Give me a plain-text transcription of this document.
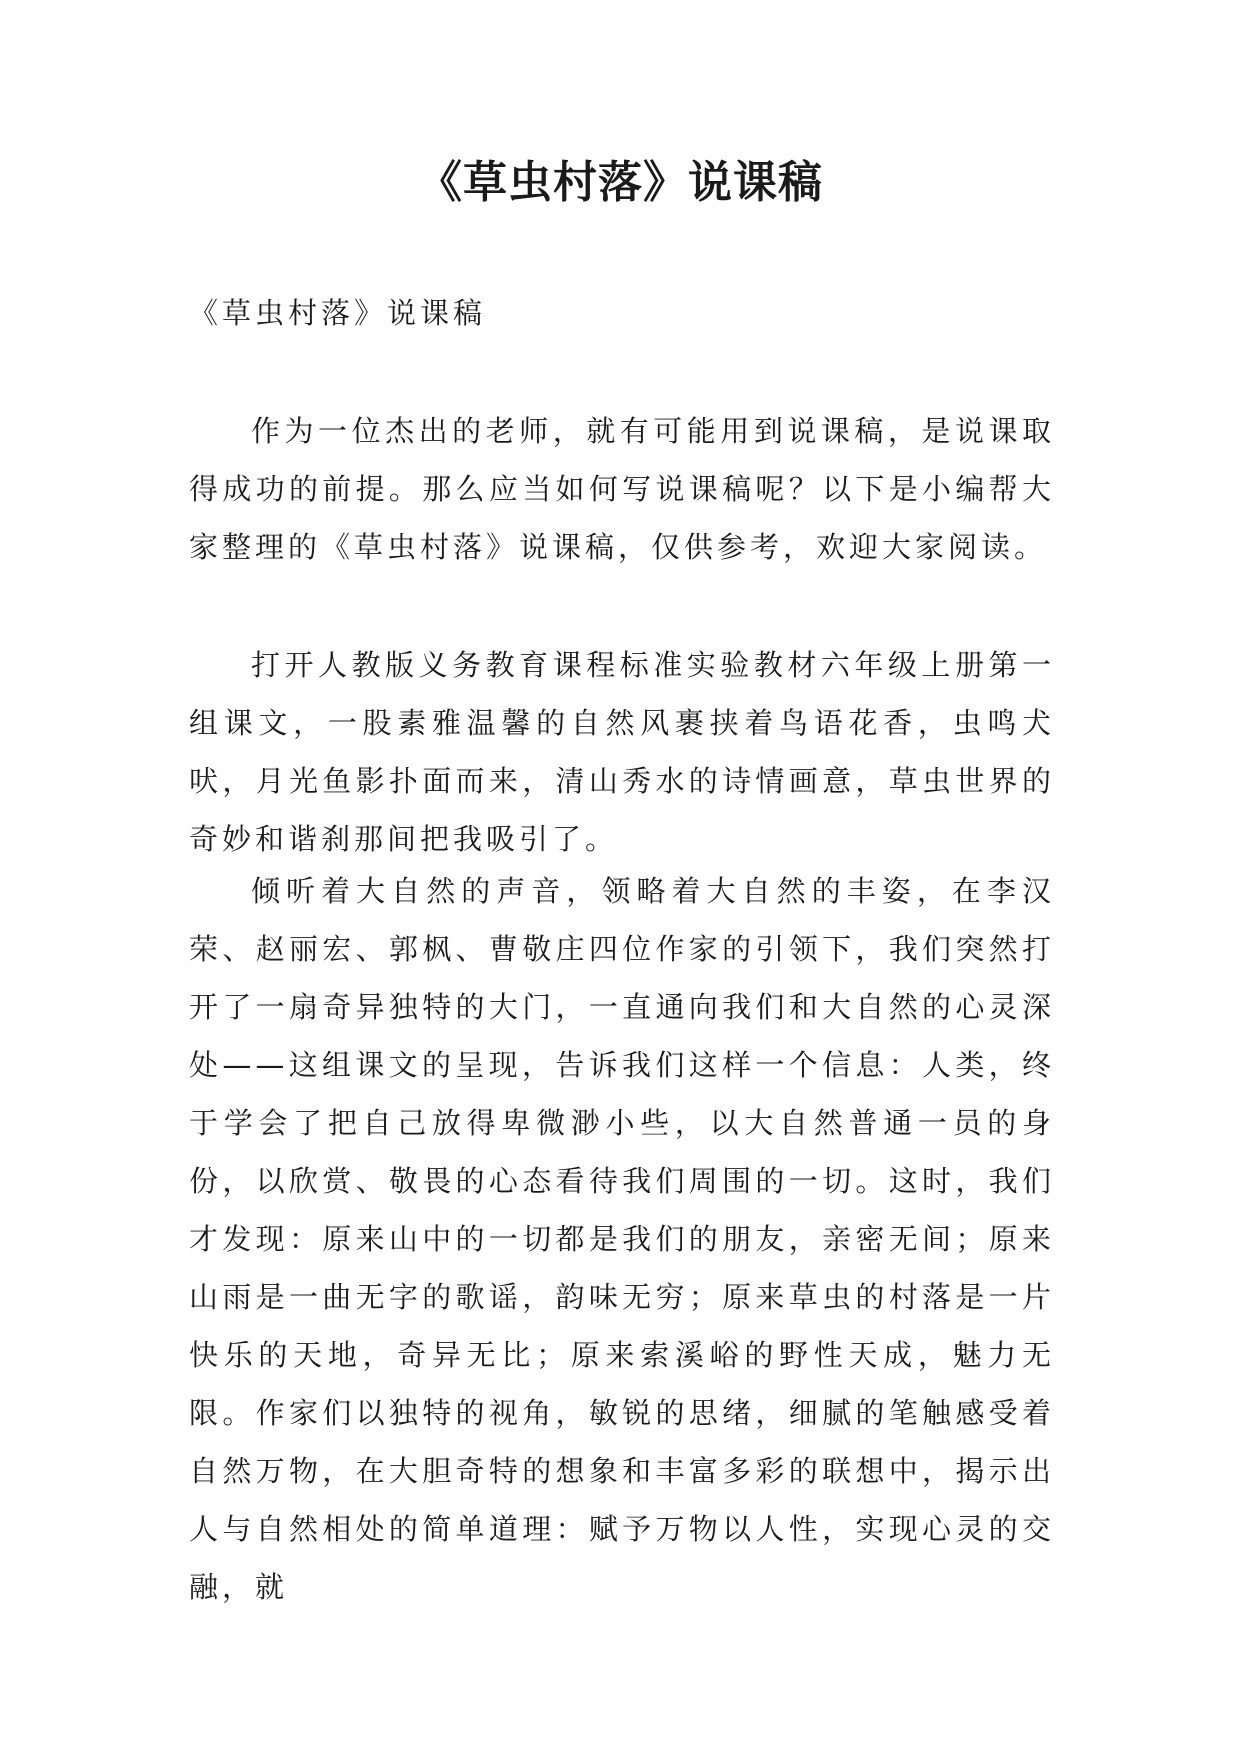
《草虫村落》说课稿

《草虫村落》说课稿

作为一位杰出的老师，就有可能用到说课稿，是说课取得成功的前提。那么应当如何写说课稿呢？以下是小编帮大家整理的《草虫村落》说课稿，仅供参考，欢迎大家阅读。

打开人教版义务教育课程标准实验教材六年级上册第一组课文，一股素雅温馨的自然风裹挟着鸟语花香，虫鸣犬吠，月光鱼影扑面而来，清山秀水的诗情画意，草虫世界的奇妙和谐刹那间把我吸引了。

倾听着大自然的声音，领略着大自然的丰姿，在李汉荣、赵丽宏、郭枫、曹敬庄四位作家的引领下，我们突然打开了一扇奇异独特的大门，一直通向我们和大自然的心灵深处——这组课文的呈现，告诉我们这样一个信息：人类，终于学会了把自己放得卑微渺小些，以大自然普通一员的身份，以欣赏、敬畏的心态看待我们周围的一切。这时，我们才发现：原来山中的一切都是我们的朋友，亲密无间；原来山雨是一曲无字的歌谣，韵味无穷；原来草虫的村落是一片快乐的天地，奇异无比；原来索溪峪的野性天成，魅力无限。作家们以独特的视角，敏锐的思绪，细腻的笔触感受着自然万物，在大胆奇特的想象和丰富多彩的联想中，揭示出人与自然相处的简单道理：赋予万物以人性，实现心灵的交融，就
